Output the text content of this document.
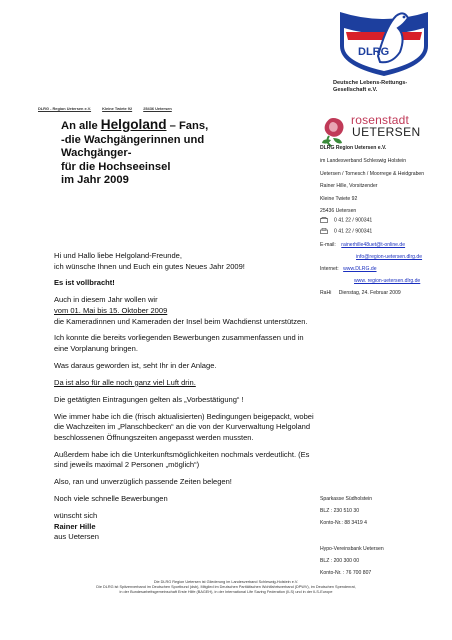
DLRG
Deutsche Lebens-Rettungs-
Gesellschaft e.V.
DLRG - Region Uetersen e.V.	Kleine Twiete 92	25436 Uetersen
An alle Helgoland – Fans,
-die Wachgängerinnen und
Wachgänger-
für die Hochseeinsel
im Jahr 2009
rosenstadt
UETERSEN
DLRG Region Uetersen e.V.
im Landesverband Schleswig Holstein
Uetersen / Tornesch / Moorrege & Heidgraben
Rainer Hille, Vorsitzender
Kleine Twiete 92
25436 Uetersen
0 41 22 / 900341
0 41 22 / 900341
E-mail: rainerhille48uet@t-online.de
info@region-uetersen.dlrg.de
Internet: www.DLRG.de
www. region-uetersen.dlrg.de
RaHi Dienstag, 24. Februar 2009

Hi und Hallo liebe Helgoland-Freunde,
ich wünsche Ihnen und Euch ein gutes Neues Jahr 2009!

Es ist vollbracht!

Auch in diesem Jahr wollen wir
vom 01. Mai bis 15. Oktober 2009
die Kameradinnen und Kameraden der Insel beim Wachdienst unterstützen.

Ich konnte die bereits vorliegenden Bewerbungen zusammenfassen und in eine Vorplanung bringen.

Was daraus geworden ist, seht Ihr in der Anlage.

Da ist also für alle noch ganz viel Luft drin.

Die getätigten Eintragungen gelten als „Vorbestätigung“ !

Wie immer habe ich die (frisch aktualisierten) Bedingungen beigepackt, wobei die Wachzeiten im „Planschbecken“ an die von der Kurverwaltung Helgoland beschlossenen Öffnungszeiten angepasst werden mussten.

Außerdem habe ich die Unterkunftsmöglichkeiten nochmals verdeutlicht. (Es sind jeweils maximal 2 Personen „möglich“)

Also, ran und unverzüglich passende Zeiten belegen!

Noch viele schnelle Bewerbungen

wünscht sich
Rainer Hille
aus Uetersen

Sparkasse Südholstein
BLZ : 230 510 30
Konto-Nr.: 88 3419 4
Hypo-Vereinsbank Uetersen
BLZ : 200 300 00
Konto-Nr. : 76 700 807
Die DLRG Region Uetersen ist Gliederung im Landesverband Schleswig-Holstein e.V.
Die DLRG ist Spitzenverband im Deutschen Sportbund (dsb), Mitglied im Deutschen Paritätischen Wohlfahrtsverband (DPWV), im Deutschen Spendenrat,
in der Bundesarbeitsgemeinschaft Erste Hilfe (BAGEH), in der International Life Saving Federation (ILS) und in der ILS-Europe
